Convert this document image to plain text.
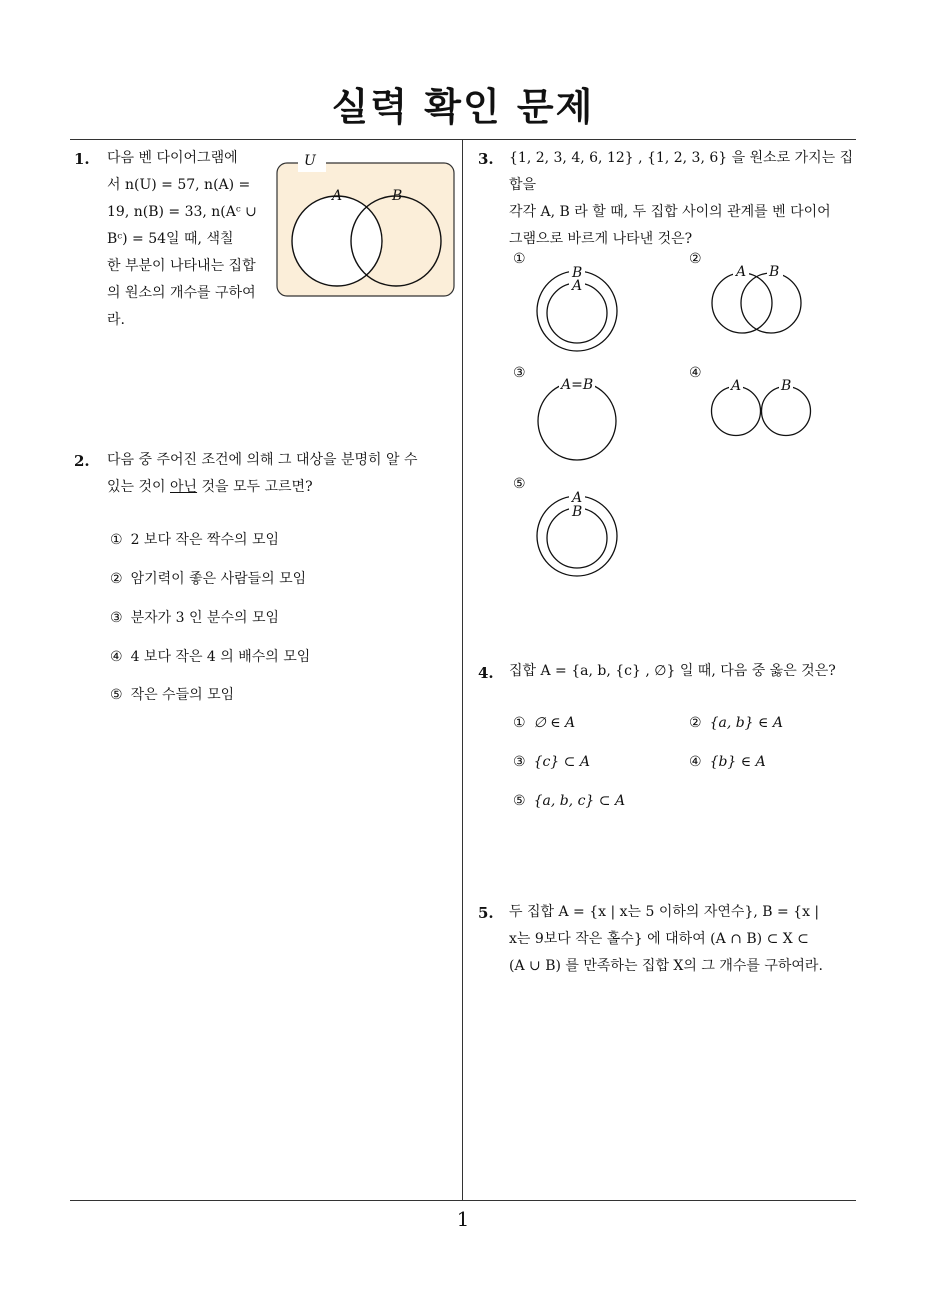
실력 확인 문제
1
1. 다음 벤 다이어그램에
서 n(U) = 57, n(A) =
19, n(B) = 33, n(Aᶜ ∪
Bᶜ) = 54일 때, 색칠
한 부분이 나타내는 집합
의 원소의 개수를 구하여
라.
U
A	B
2. 다음 중 주어진 조건에 의해 그 대상을 분명히 알 수
있는 것이 아닌 것을 모두 고르면?
① 2 보다 작은 짝수의 모임
② 암기력이 좋은 사람들의 모임
③ 분자가 3 인 분수의 모임
④ 4 보다 작은 4 의 배수의 모임
⑤ 작은 수들의 모임
3. {1, 2, 3, 4, 6, 12} , {1, 2, 3, 6} 을 원소로 가지는 집합을
각각 A, B 라 할 때, 두 집합 사이의 관계를 벤 다이어
그램으로 바르게 나타낸 것은?
①
B
A
②
A B
③
A=B
④
A	B
⑤
A
B
4. 집합 A = {a, b, {c} , ∅} 일 때, 다음 중 옳은 것은?
① ∅ ∈ A	② {a, b} ∈ A
③ {c} ⊂ A	④ {b} ∈ A
⑤ {a, b, c} ⊂ A
5. 두 집합 A = {x | x는 5 이하의 자연수}, B = {x |
x는 9보다 작은 홀수} 에 대하여 (A ∩ B) ⊂ X ⊂
(A ∪ B) 를 만족하는 집합 X의 그 개수를 구하여라.
